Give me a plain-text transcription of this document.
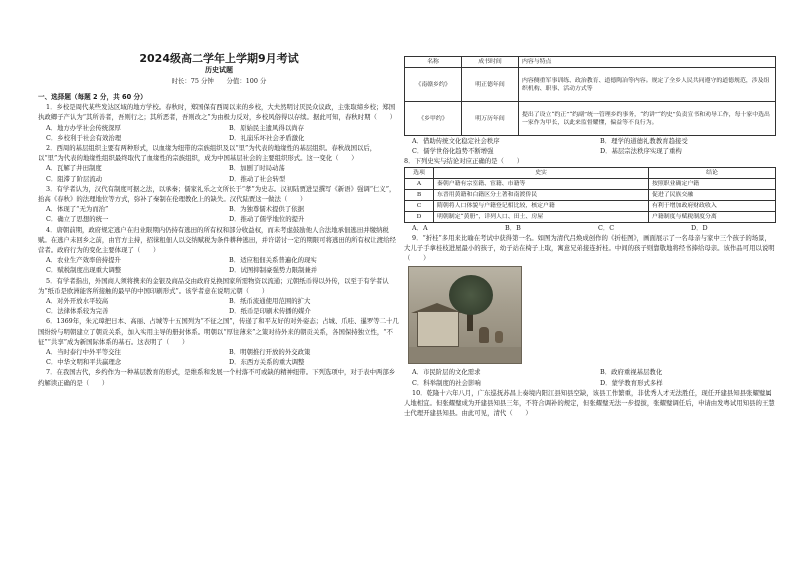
2024级高二学年上学期9月考试
历史试题
时长：75 分钟　　分值：100 分
一、选择题（每题 2 分，共 60 分）

1．乡校是周代某些发达区域的地方学校。春秋时，郑国保有西周以来的乡校，大夫然明讨厌民众议政，主张取缔乡校；郑国执政卿子产认为“其所善者，吾则行之；其所恶者，吾则改之”为由极力反对，乡校风俗得以存续。据此可知，春秋时期（　　）

A．地方办学社会传统深厚	B．原始民主遗风得以尚存
C．乡校利于社会有效治理	D．礼崩乐坏社会矛盾激化

2．西周的基层组织主要有两种形式，以血缘为纽带的宗族组织及以“里”为代表的地缘性的基层组织。春秋战国以后，以“里”为代表的地缘性组织最终取代了血缘性的宗族组织，成为中国基层社会的主要组织形式。这一变化（　　）

A．瓦解了井田制度	B．加剧了时局动荡
C．阻滞了阶层流动	D．推动了社会转型

3．有学者认为，汉代有制度可据之法，以承秦；儒家礼乐之文所长于“孝”为史志。汉初陆贾进呈撰写《新语》强调“仁义”，抬高《春秋》的法理地位等方式，弥补了秦制在伦理教化上的缺失。汉代陆贾这一做法（　　）

A．体现了“无为而治”	B．为独尊儒术提供了依据
C．确立了思想的统一	D．推动了儒学地位的提升

4．唐朝前期，政府规定逃户在归业限期内仍持有逃田的所有权和部分收益权，而未考虑鼓励他人合法地承佃逃田并缴纳税赋。在逃户未回乡之前，由官方主持，招徕租佃人以交纳赋税为条件耕种逃田，并许诺讨一定的期限可将逃田的所有权让渡给经营者。政府行为的变化主要体现了（　　）

A．农业生产效率倍持提升	B．适应租佃关系普遍化的现实
C．赋税制度出现重大调整	D．试图抑制豪强势力限制兼并

5．有学者指出，外国商人须将携来的金银及商品交由政府兑换国家所需物资以流通；元朝纸币得以外传，以至于有学者认为“纸币是欧洲能客所接触的最早的中国印刷形式”。该学者意在说明元朝（　　）

A．对外开放水平较高	B．纸币流通使用范围的扩大
C．法律体系较为完善	D．纸币是印刷术传播的媒介

6．1369年，朱元璋把日本、高丽、占城等十五国列为“不征之国”，传递了和平友好的对外姿态；占城、爪哇、暹罗等二十几国纷纷与明朝建立了朝贡关系，加入实用主导的册封体系。明朝以“厚往薄来”之策对待外来的朝贡关系，各国保持独立性，“不征”“共享”成为新国际体系的基石。这表明了（　　）

A．当时泰行中外平等交往	B．明朝推行开放的外交政策
C．中华文明和平共赢理念	D．东西方关系的重大调整

7．在我国古代，乡约作为一种基层教育的形式，是维系和发展一个村落不可或缺的精神纽带。下列选项中，对于表中两部乡约解读正确的是（　　）

名称	成书时间	内容与特点
《南赣乡约》	明正德年间	内容侧重军事训练、政治教育、道德陶冶等内容。规定了全乡人民共同遵守的道德规范，涉及组织机构、职事、活动方式等
《乡甲约》	明万历年间	提出了设立“约正”“约副”统一管理乡约事务，“约讲”“约史”负责宣书和劝导工作，每十家中选出一家作为甲长，以此来监督耀懂，偏益等不良行为。
A．借助传统文化稳定社会秩序	B．理学的道德礼教教育趋接受
C．儒学世俗化趋势不断增强	D．基层宗法秩序实现了重构

8．下列史实与结论对应正确的是（　　）

选项	史实	结论
A	秦朝户籍有宗室籍、宦籍、市籍等	按照职业确定户籍
B	东晋用黄籍和白籍区分土著和南渡侨民	促进了民族交融
C	隋朝将人口体貌与户籍登记相比较，核定户籍	有利于增加政府财政收入
D	明朝制定“黄册”，详列人口、田土、房屋	户籍制度与赋税制度分离
A．A	B．B	C．C	D．D

9．“折桂”多用来比喻在考试中获得第一名。如图为清代吕焕成创作的《折桂图》，画面展示了一名母亲与家中三个孩子的场景，大儿子手拿桂枝进屋最小的孩子，幼子站在椅子上取，寓意兄弟接连折桂。中间的孩子则靠敬地将经书捧给母亲。该作品可用以说明（　　）

A．市民阶层的文化需求	B．政府重视基层教化
C．科举制度的社会影响	D．蒙学教育形式多样

10．乾隆十六年八月，广东巡抚苏昌上奏境内阳江县知县空缺，该县工作繁重，非优秀人才无法胜任，现任开建县知县张耀璧属人地相宜。但张耀璧成为开建县知县三年，不符合调补的规定，但张耀璧无法一步提拔，张耀璧调任后，申请由发粤试用知县的王慧士代理开建县知县。由此可见，清代（　　）
